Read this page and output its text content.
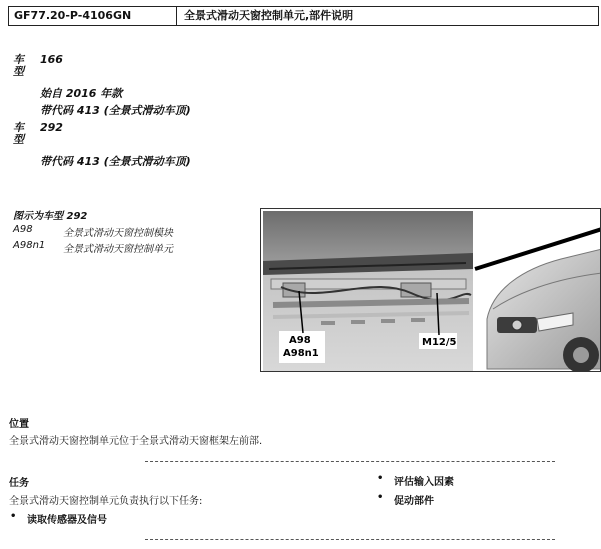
GF77.20-P-4106GN	全景式滑动天窗控制单元,部件说明
车型
166
始自 2016 年款
带代码 413 (全景式滑动车顶)
车型
292
带代码 413 (全景式滑动车顶)
图示为车型 292
A98	全景式滑动天窗控制模块
A98n1 全景式滑动天窗控制单元
A98
A98n1
M12/5
位置
全景式滑动天窗控制单元位于全景式滑动天窗框架左前部.
任务
全景式滑动天窗控制单元负责执行以下任务:
• 读取传感器及信号
• 评估输入因素
• 促动部件
